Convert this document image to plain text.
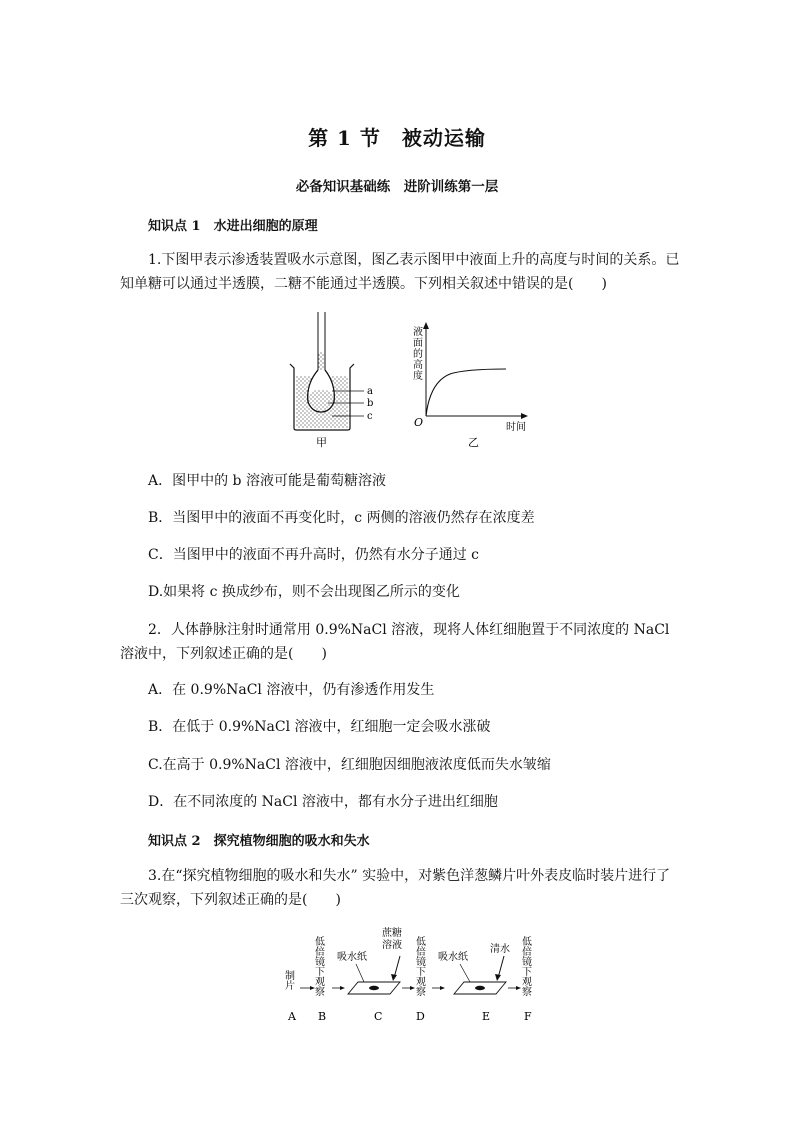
第 1 节　被动运输
必备知识基础练　进阶训练第一层
知识点 1　水进出细胞的原理
1.下图甲表示渗透装置吸水示意图，图乙表示图甲中液面上升的高度与时间的关系。已知单糖可以通过半透膜，二糖不能通过半透膜。下列相关叙述中错误的是(　　)
a
b
c
甲
液面的高度
O	时间
乙
A．图甲中的 b 溶液可能是葡萄糖溶液
B．当图甲中的液面不再变化时，c 两侧的溶液仍然存在浓度差
C．当图甲中的液面不再升高时，仍然有水分子通过 c
D.如果将 c 换成纱布，则不会出现图乙所示的变化
2．人体静脉注射时通常用 0.9%NaCl 溶液，现将人体红细胞置于不同浓度的 NaCl 溶液中，下列叙述正确的是(　　)
A．在 0.9%NaCl 溶液中，仍有渗透作用发生
B．在低于 0.9%NaCl 溶液中，红细胞一定会吸水涨破
C.在高于 0.9%NaCl 溶液中，红细胞因细胞液浓度低而失水皱缩
D．在不同浓度的 NaCl 溶液中，都有水分子进出红细胞
知识点 2　探究植物细胞的吸水和失水
3.在“探究植物细胞的吸水和失水” 实验中，对紫色洋葱鳞片叶外表皮临时装片进行了三次观察，下列叙述正确的是(　　)
制片 低倍镜下观察 吸水纸
蔗糖
溶液 低倍镜下观察 吸水纸
清水 低倍镜下观察
A B	C	D	E	F
